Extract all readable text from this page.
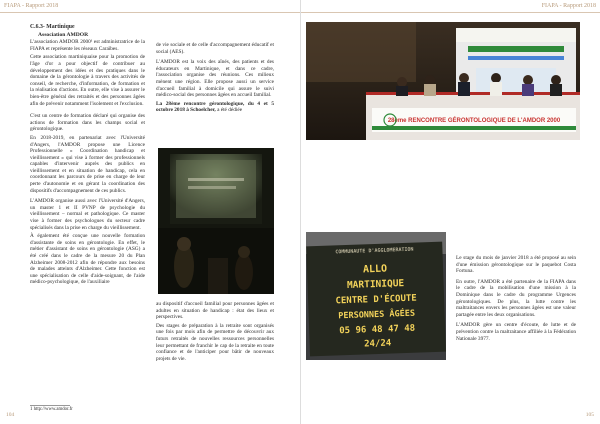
FIAPA - Rapport 2018
C.6.3- Martinique
Association AMDOR

L'association AMDOR 2000¹ est administratrice de la FIAPA et représente les réseaux Caraïbes.

Cette association martiniquaise pour la promotion de l'âge d'or a pour objectif de contribuer au développement des idées et des pratiques dans le domaine de la gérontologie à travers des activités de conseil, de recherche, d'information, de formation et la réalisation d'actions. En outre, elle vise à assurer le bien-être général des retraités et des personnes âgées afin de prévenir notamment l'isolement et l'exclusion.

C'est un centre de formation déclaré qui organise des actions de formation dans les champs social et gérontologique.

En 2018-2019, en partenariat avec l'Université d'Angers, l'AMDOR propose une Licence Professionnelle « Coordination handicap et vieillissement » qui vise à former des professionnels capables d'intervenir auprès des publics en vieillissement et en situation de handicap, cela en coordonnant les parcours de prise en charge de leur perte d'autonomie et en gérant la coordination des dispositifs d'accompagnement de ces publics.

L'AMDOR organise aussi avec l'Université d'Angers, un master 1 et II PVNP de psychologie du vieillissement – normal et pathologique. Ce master vise à former des psychologues du secteur cadre spécialisés dans la prise en charge du vieillissement.

À également été conçue une nouvelle formation d'assistante de soins en gérontologie. En effet, le métier d'assistant de soins en gérontologie (ASG) a été créé dans le cadre de la mesure 20 du Plan Alzheimer 2008-2012 afin de répondre aux besoins de malades atteints d'Alzheimer. Cette fonction est une spécialisation de celle d'aide-soignant, de l'aide médico-psychologique, de l'auxiliaire

de vie sociale et de celle d'accompagnement éducatif et social (AES).

L'AMDOR est la voix des aînés, des patients et des éducateurs en Martinique, et dans ce cadre, l'association organise des réunions. Ces milieux mènent une région. Elle propose aussi un service d'accueil familial à domicile qui assure le suivi médico-social des personnes âgées en accueil familial.

La 28ème rencontre gérontologique, du 4 et 5 octobre 2018 à Schoelcher, a été dédiée

au dispositif d'accueil familial pour personnes âgées et adultes en situation de handicap : état des lieux et perspectives.

Des stages de préparation à la retraite sont organisés une fois par mois afin de permettre de découvrir aux futurs retraités de nouvelles ressources personnelles leur permettant de franchir le cap de la retraite en toute confiance et de l'anticiper pour bâtir de nouveaux projets de vie.

1 http://www.amdor.fr
104
FIAPA - Rapport 2018
28ème RENCONTRE GÉRONTOLOGIQUE DE L'AMDOR 2000
COMMUNAUTE D'AGGLOMERATION
ALLO
MARTINIQUE
CENTRE D'ÉCOUTE
PERSONNES ÂGÉES
05 96 48 47 48
24/24

Le stage du mois de janvier 2018 a été proposé au sein d'une émission gérontologique sur le paquebot Costa Fortuna.

En outre, l'AMDOR a été partenaire de la FIAPA dans le cadre de la mobilisation d'une mission à la Dominique dans le cadre du programme Urgences gérontologiques. De plus, la lutte contre les maltraitances envers les personnes âgées est une valeur partagée entre les deux organisations.

L'AMDOR gère un centre d'écoute, de lutte et de prévention contre la maltraitance affiliée à la Fédération Nationale 3977.

105
